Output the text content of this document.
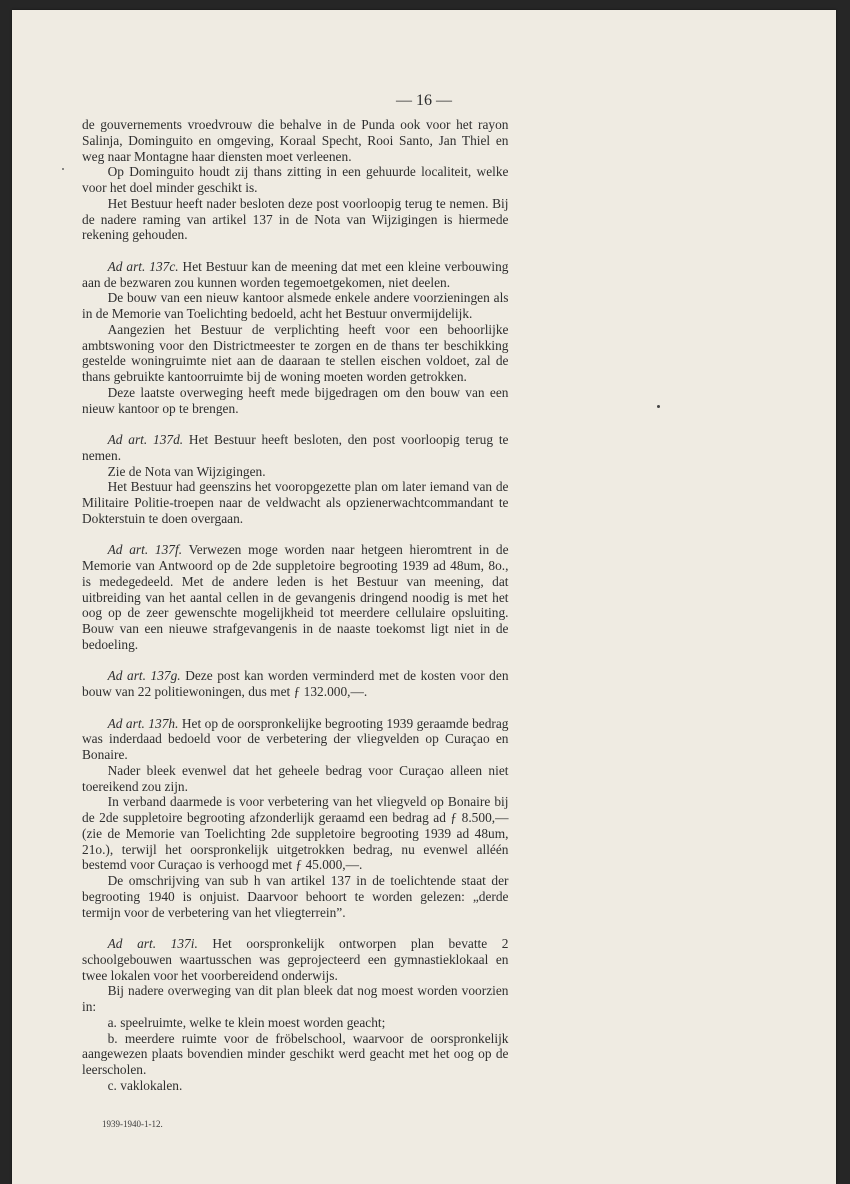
— 16 —

de gouvernements vroedvrouw die behalve in de Punda ook voor het rayon Salinja, Dominguito en omgeving, Koraal Specht, Rooi Santo, Jan Thiel en weg naar Montagne haar diensten moet verleenen.

Op Dominguito houdt zij thans zitting in een gehuurde localiteit, welke voor het doel minder geschikt is.

Het Bestuur heeft nader besloten deze post voorloopig terug te nemen. Bij de nadere raming van artikel 137 in de Nota van Wijzigingen is hiermede rekening gehouden.

Ad art. 137c. Het Bestuur kan de meening dat met een kleine verbouwing aan de bezwaren zou kunnen worden tegemoetgekomen, niet deelen.

De bouw van een nieuw kantoor alsmede enkele andere voorzieningen als in de Memorie van Toelichting bedoeld, acht het Bestuur onvermijdelijk.

Aangezien het Bestuur de verplichting heeft voor een behoorlijke ambtswoning voor den Districtmeester te zorgen en de thans ter beschikking gestelde woningruimte niet aan de daaraan te stellen eischen voldoet, zal de thans gebruikte kantoorruimte bij de woning moeten worden getrokken.

Deze laatste overweging heeft mede bijgedragen om den bouw van een nieuw kantoor op te brengen.

Ad art. 137d. Het Bestuur heeft besloten, den post voorloopig terug te nemen.

Zie de Nota van Wijzigingen.

Het Bestuur had geenszins het vooropgezette plan om later iemand van de Militaire Politie-troepen naar de veldwacht als opzienerwachtcommandant te Dokterstuin te doen overgaan.

Ad art. 137f. Verwezen moge worden naar hetgeen hieromtrent in de Memorie van Antwoord op de 2de suppletoire begrooting 1939 ad 48um, 8o., is medegedeeld. Met de andere leden is het Bestuur van meening, dat uitbreiding van het aantal cellen in de gevangenis dringend noodig is met het oog op de zeer gewenschte mogelijkheid tot meerdere cellulaire opsluiting. Bouw van een nieuwe strafgevangenis in de naaste toekomst ligt niet in de bedoeling.

Ad art. 137g. Deze post kan worden verminderd met de kosten voor den bouw van 22 politiewoningen, dus met ƒ 132.000,—.

Ad art. 137h. Het op de oorspronkelijke begrooting 1939 geraamde bedrag was inderdaad bedoeld voor de verbetering der vliegvelden op Curaçao en Bonaire.

Nader bleek evenwel dat het geheele bedrag voor Curaçao alleen niet toereikend zou zijn.

In verband daarmede is voor verbetering van het vliegveld op Bonaire bij de 2de suppletoire begrooting afzonderlijk geraamd een bedrag ad ƒ 8.500,— (zie de Memorie van Toelichting 2de suppletoire begrooting 1939 ad 48um, 21o.), terwijl het oorspronkelijk uitgetrokken bedrag, nu evenwel alléén bestemd voor Curaçao is verhoogd met ƒ 45.000,—.

De omschrijving van sub h van artikel 137 in de toelichtende staat der begrooting 1940 is onjuist. Daarvoor behoort te worden gelezen: „derde termijn voor de verbetering van het vliegterrein”.

Ad art. 137i. Het oorspronkelijk ontworpen plan bevatte 2 schoolgebouwen waartusschen was geprojecteerd een gymnastieklokaal en twee lokalen voor het voorbereidend onderwijs.

Bij nadere overweging van dit plan bleek dat nog moest worden voorzien in:

a. speelruimte, welke te klein moest worden geacht;

b. meerdere ruimte voor de fröbelschool, waarvoor de oorspronkelijk aangewezen plaats bovendien minder geschikt werd geacht met het oog op de leerscholen.

c. vaklokalen.

1939-1940-1-12.
